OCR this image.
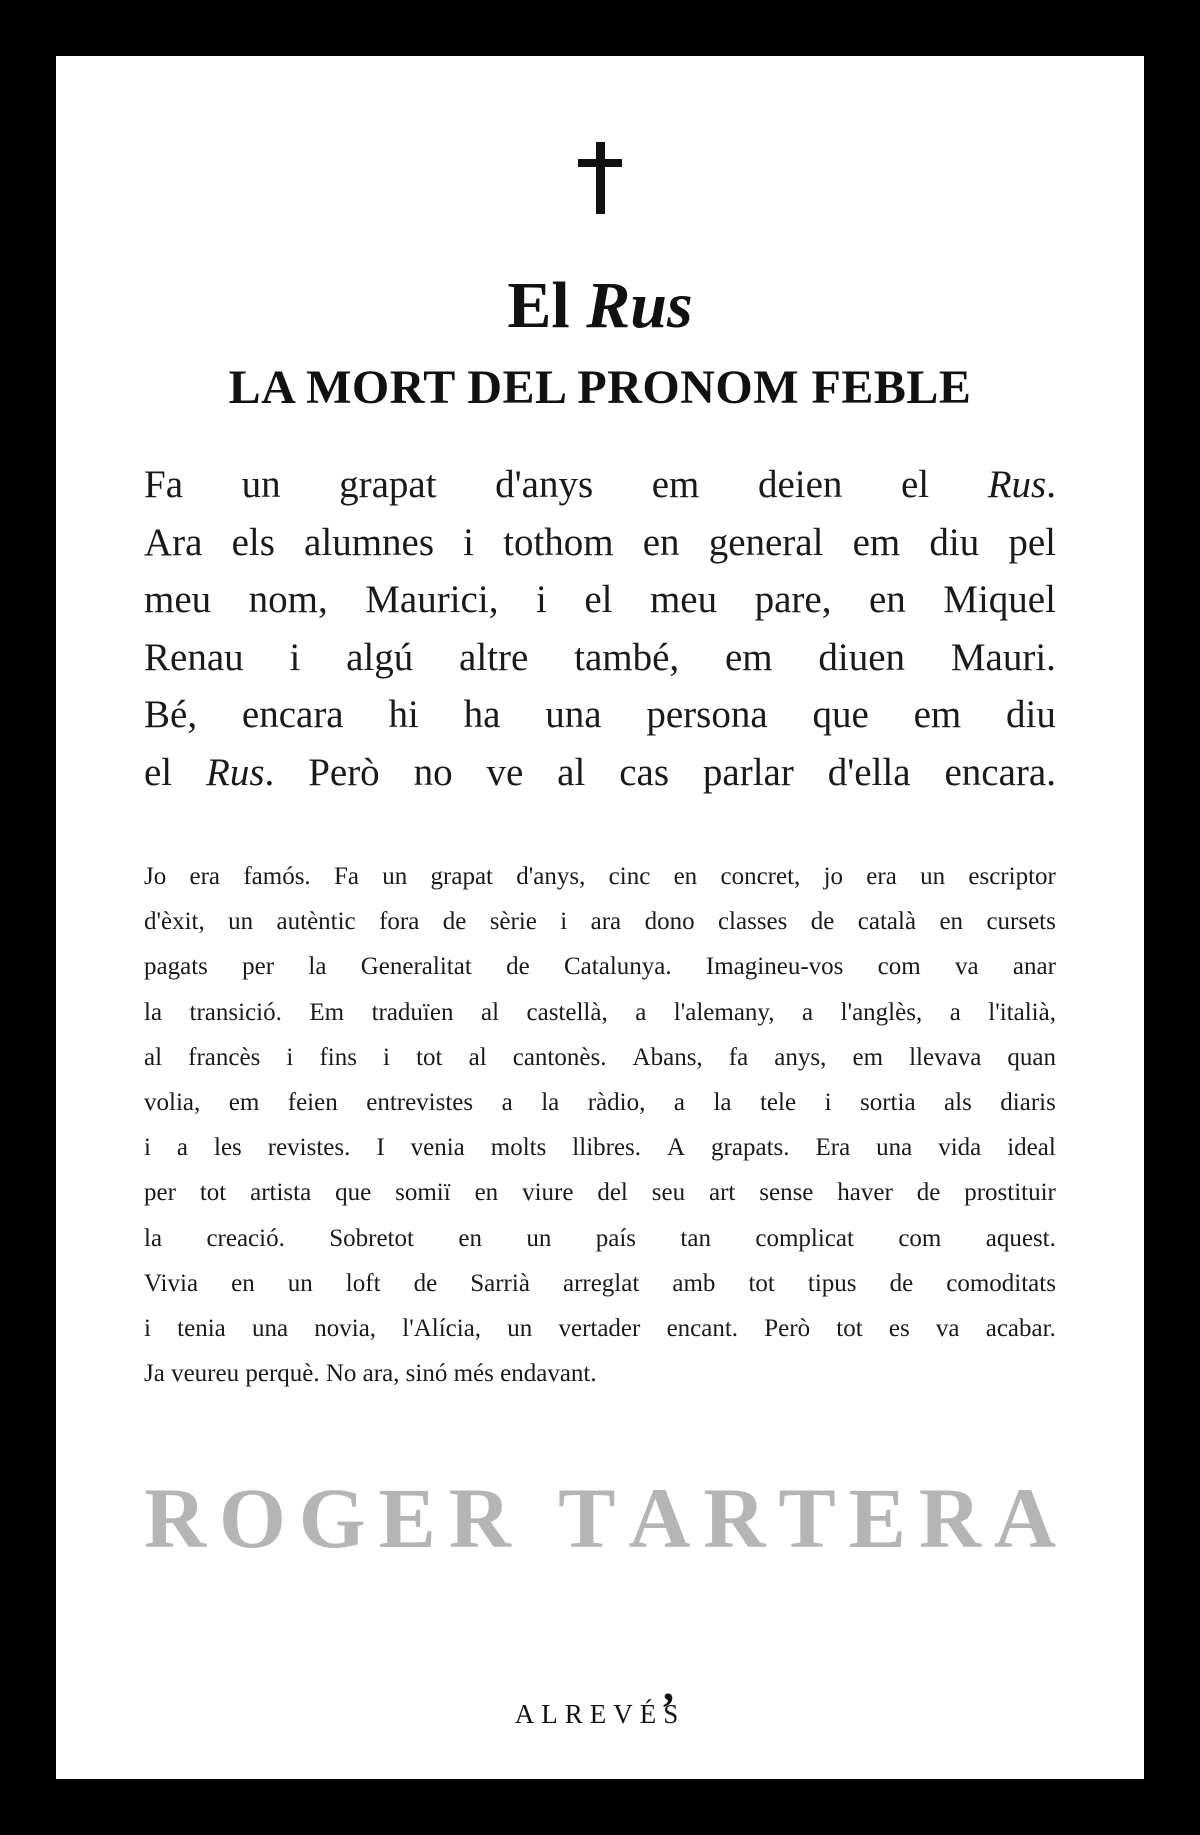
El Rus
LA MORT DEL PRONOM FEBLE
Fa un grapat d'anys em deien el Rus.
Ara els alumnes i tothom en general em diu pel
meu nom, Maurici, i el meu pare, en Miquel
Renau i algú altre també, em diuen Mauri.
Bé, encara hi ha una persona que em diu
el Rus. Però no ve al cas parlar d'ella encara.
Jo era famós. Fa un grapat d'anys, cinc en concret, jo era un escriptor
d'èxit, un autèntic fora de sèrie i ara dono classes de català en cursets
pagats per la Generalitat de Catalunya. Imagineu-vos com va anar
la transició. Em traduïen al castellà, a l'alemany, a l'anglès, a l'italià,
al francès i fins i tot al cantonès. Abans, fa anys, em llevava quan
volia, em feien entrevistes a la ràdio, a la tele i sortia als diaris
i a les revistes. I venia molts llibres. A grapats. Era una vida ideal
per tot artista que somiï en viure del seu art sense haver de prostituir
la creació. Sobretot en un país tan complicat com aquest.
Vivia en un loft de Sarrià arreglat amb tot tipus de comoditats
i tenia una novia, l'Alícia, un vertader encant. Però tot es va acabar.
Ja veureu perquè. No ara, sinó més endavant.
R O G E R
T A R T E R A
,
ALREVÉS
